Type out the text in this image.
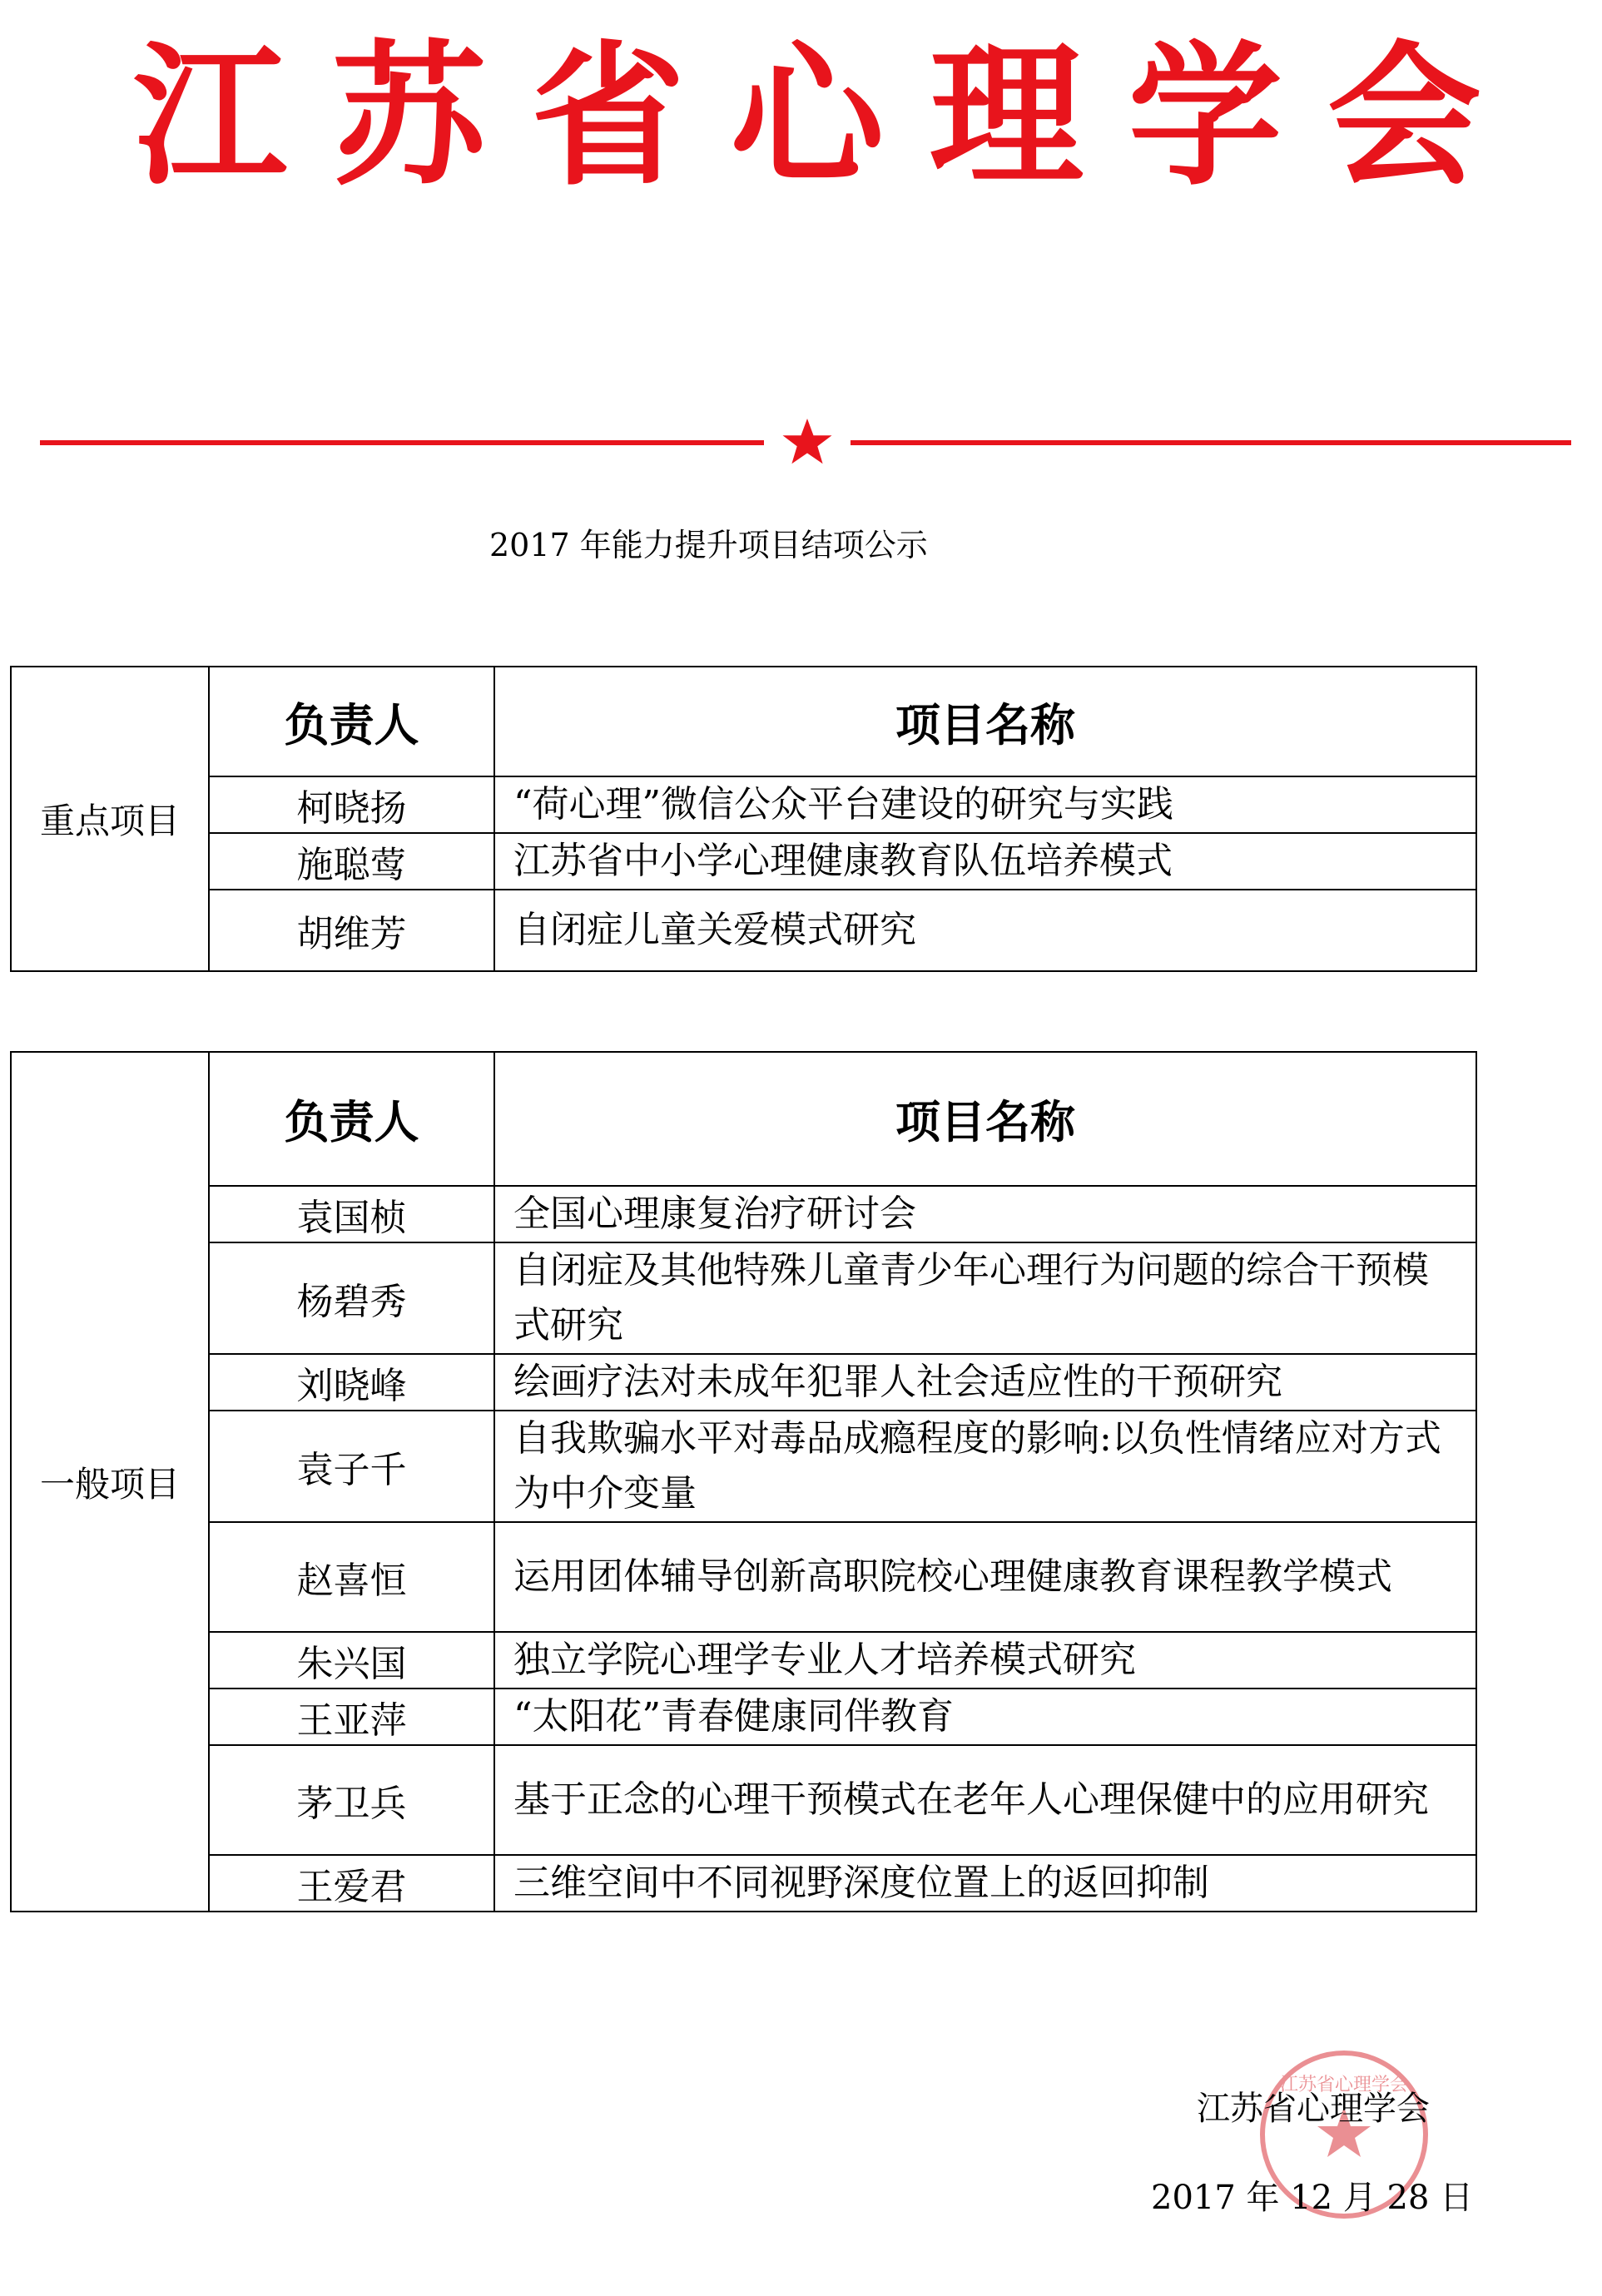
江 苏 省 心 理 学 会
2017 年能力提升项目结项公示
重点项目	负责人	项目名称
	柯晓扬	“荷心理”微信公众平台建设的研究与实践
	施聪莺	江苏省中小学心理健康教育队伍培养模式
	胡维芳	自闭症儿童关爱模式研究
一般项目	负责人	项目名称
	袁国桢	全国心理康复治疗研讨会
	杨碧秀	自闭症及其他特殊儿童青少年心理行为问题的综合干预模式研究
	刘晓峰	绘画疗法对未成年犯罪人社会适应性的干预研究
	袁子千	自我欺骗水平对毒品成瘾程度的影响:以负性情绪应对方式为中介变量
	赵喜恒	运用团体辅导创新高职院校心理健康教育课程教学模式
	朱兴国	独立学院心理学专业人才培养模式研究
	王亚萍	“太阳花”青春健康同伴教育
	茅卫兵	基于正念的心理干预模式在老年人心理保健中的应用研究
	王爱君	三维空间中不同视野深度位置上的返回抑制
江苏省心理学会
江苏省心理学会
2017 年 12 月 28 日
